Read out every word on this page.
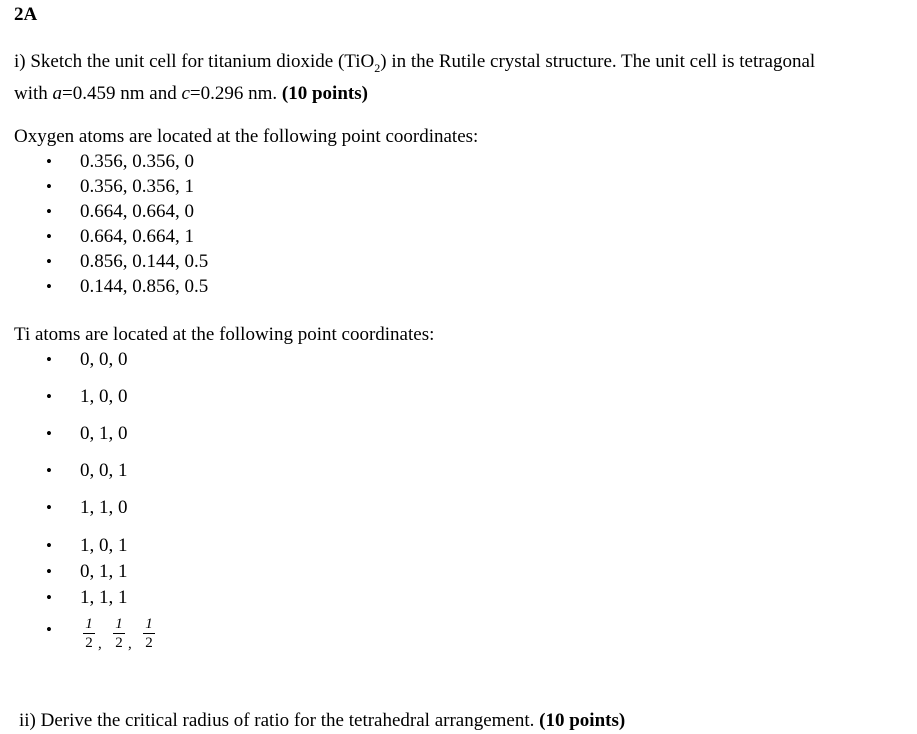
2A
i) Sketch the unit cell for titanium dioxide (TiO$_2$) in the Rutile crystal structure. The unit cell is tetragonal
with a=0.459 nm and c=0.296 nm. (10 points)
Oxygen atoms are located at the following point coordinates:
• 0.356, 0.356, 0
• 0.356, 0.356, 1
• 0.664, 0.664, 0
• 0.664, 0.664, 1
• 0.856, 0.144, 0.5
• 0.144, 0.856, 0.5
Ti atoms are located at the following point coordinates:
• 0, 0, 0
• 1, 0, 0
• 0, 1, 0
• 0, 0, 1
• 1, 1, 0
• 1, 0, 1
• 0, 1, 1
• 1, 1, 1
• 1
2 ,
1
2 ,
1
2
ii) Derive the critical radius of ratio for the tetrahedral arrangement. (10 points)
